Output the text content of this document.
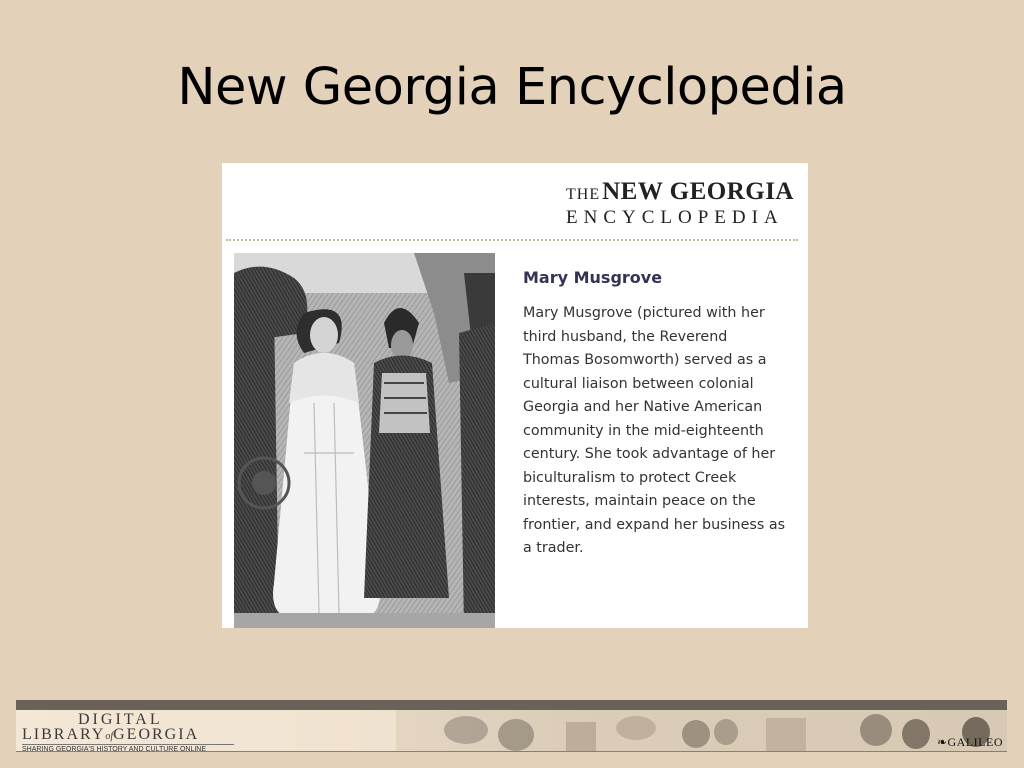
New Georgia Encyclopedia
THENEW GEORGIA
ENCYCLOPEDIA
Mary Musgrove
Mary Musgrove (pictured with her third husband, the Reverend Thomas Bosomworth) served as a cultural liaison between colonial Georgia and her Native American community in the mid-eighteenth century. She took advantage of her biculturalism to protect Creek interests, maintain peace on the frontier, and expand her business as a trader.
DIGITAL
LIBRARYofGEORGIA
SHARING GEORGIA'S HISTORY AND CULTURE ONLINE
❧GALILEO
